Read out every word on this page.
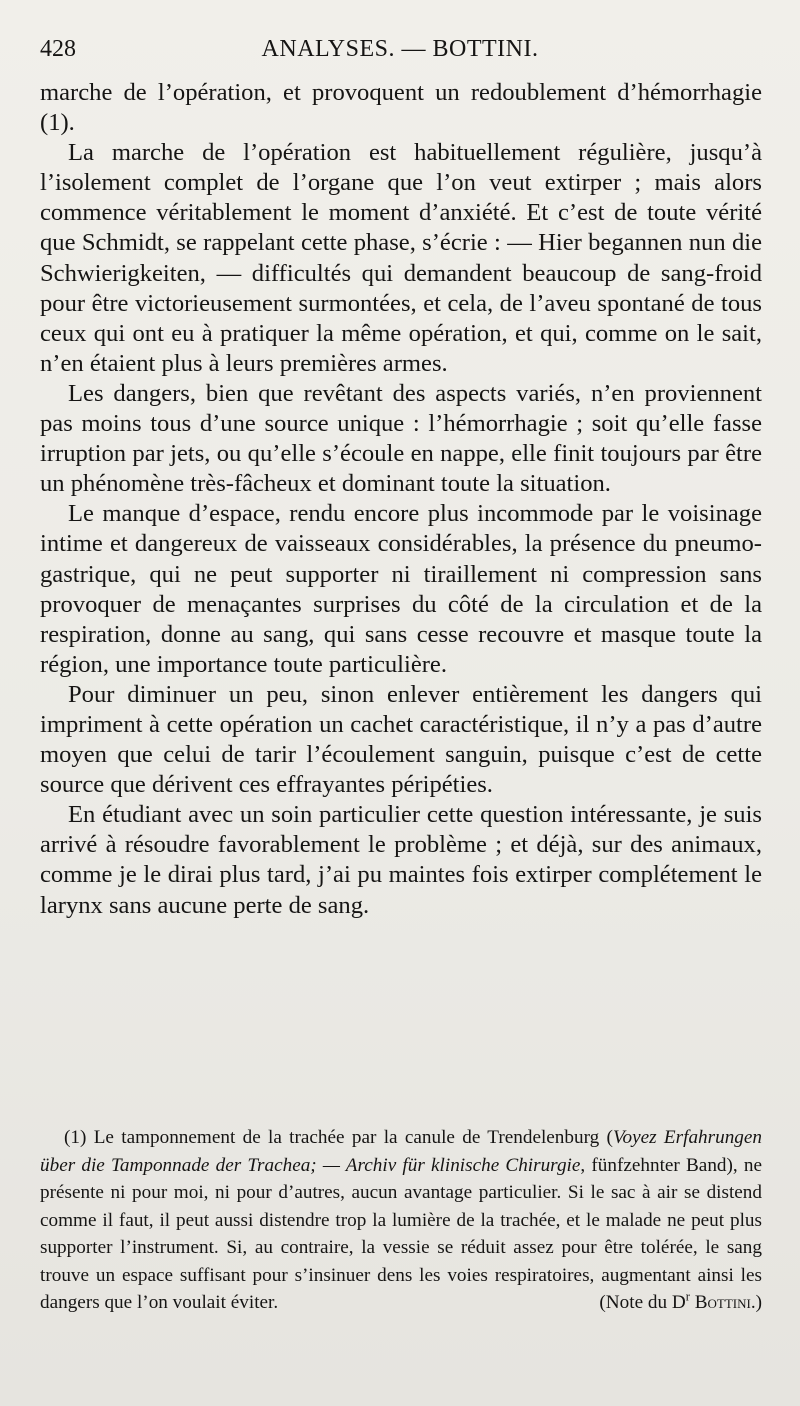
428	ANALYSES. — BOTTINI.

marche de l’opération, et provoquent un redoublement d’hémorrhagie (1).

La marche de l’opération est habituellement régulière, jusqu’à l’isolement complet de l’organe que l’on veut extirper ; mais alors commence véritablement le moment d’anxiété. Et c’est de toute vérité que Schmidt, se rappelant cette phase, s’écrie : — Hier begannen nun die Schwierigkeiten, — difficultés qui demandent beaucoup de sang-froid pour être victorieusement surmontées, et cela, de l’aveu spontané de tous ceux qui ont eu à pratiquer la même opération, et qui, comme on le sait, n’en étaient plus à leurs premières armes.

Les dangers, bien que revêtant des aspects variés, n’en proviennent pas moins tous d’une source unique : l’hémorrhagie ; soit qu’elle fasse irruption par jets, ou qu’elle s’écoule en nappe, elle finit toujours par être un phénomène très-fâcheux et dominant toute la situation.

Le manque d’espace, rendu encore plus incommode par le voisinage intime et dangereux de vaisseaux considérables, la présence du pneumo-gastrique, qui ne peut supporter ni tiraillement ni compression sans provoquer de menaçantes surprises du côté de la circulation et de la respiration, donne au sang, qui sans cesse recouvre et masque toute la région, une importance toute particulière.

Pour diminuer un peu, sinon enlever entièrement les dangers qui impriment à cette opération un cachet caractéristique, il n’y a pas d’autre moyen que celui de tarir l’écoulement sanguin, puisque c’est de cette source que dérivent ces effrayantes péripéties.

En étudiant avec un soin particulier cette question intéressante, je suis arrivé à résoudre favorablement le problème ; et déjà, sur des animaux, comme je le dirai plus tard, j’ai pu maintes fois extirper complétement le larynx sans aucune perte de sang.

(1) Le tamponnement de la trachée par la canule de Trendelenburg (Voyez Erfahrungen über die Tamponnade der Trachea; — Archiv für klinische Chirurgie, fünfzehnter Band), ne présente ni pour moi, ni pour d’autres, aucun avantage particulier. Si le sac à air se distend comme il faut, il peut aussi distendre trop la lumière de la trachée, et le malade ne peut plus supporter l’instrument. Si, au contraire, la vessie se réduit assez pour être tolérée, le sang trouve un espace suffisant pour s’insinuer dens les voies respiratoires, augmentant ainsi les dangers que l’on voulait éviter.	(Note du $D^r$ Bottini.)
